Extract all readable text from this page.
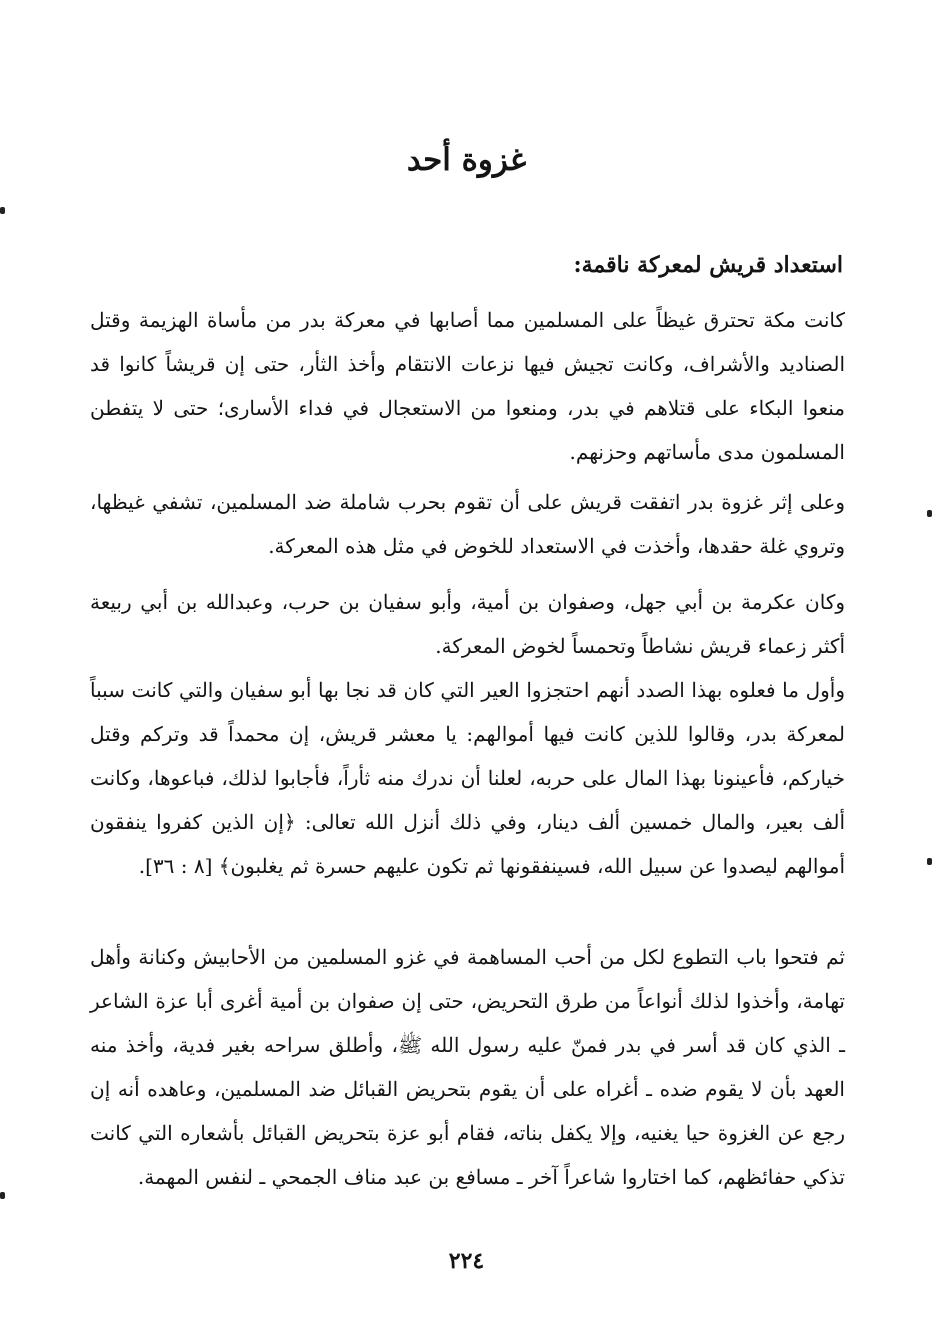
غزوة أحد
استعداد قريش لمعركة ناقمة:
كانت مكة تحترق غيظاً على المسلمين مما أصابها في معركة بدر من مأساة الهزيمة وقتل الصناديد والأشراف، وكانت تجيش فيها نزعات الانتقام وأخذ الثأر، حتى إن قريشاً كانوا قد منعوا البكاء على قتلاهم في بدر، ومنعوا من الاستعجال في فداء الأسارى؛ حتى لا يتفطن المسلمون مدى مأساتهم وحزنهم.
وعلى إثر غزوة بدر اتفقت قريش على أن تقوم بحرب شاملة ضد المسلمين، تشفي غيظها، وتروي غلة حقدها، وأخذت في الاستعداد للخوض في مثل هذه المعركة.
وكان عكرمة بن أبي جهل، وصفوان بن أمية، وأبو سفيان بن حرب، وعبدالله بن أبي ربيعة أكثر زعماء قريش نشاطاً وتحمساً لخوض المعركة.
وأول ما فعلوه بهذا الصدد أنهم احتجزوا العير التي كان قد نجا بها أبو سفيان والتي كانت سبباً لمعركة بدر، وقالوا للذين كانت فيها أموالهم: يا معشر قريش، إن محمداً قد وتركم وقتل خياركم، فأعينونا بهذا المال على حربه، لعلنا أن ندرك منه ثأراً، فأجابوا لذلك، فباعوها، وكانت ألف بعير، والمال خمسين ألف دينار، وفي ذلك أنزل الله تعالى: ﴿إن الذين كفروا ينفقون أموالهم ليصدوا عن سبيل الله، فسينفقونها ثم تكون عليهم حسرة ثم يغلبون﴾ [٨ : ٣٦].
ثم فتحوا باب التطوع لكل من أحب المساهمة في غزو المسلمين من الأحابيش وكنانة وأهل تهامة، وأخذوا لذلك أنواعاً من طرق التحريض، حتى إن صفوان بن أمية أغرى أبا عزة الشاعر ـ الذي كان قد أسر في بدر فمنّ عليه رسول الله ﷺ، وأطلق سراحه بغير فدية، وأخذ منه العهد بأن لا يقوم ضده ـ أغراه على أن يقوم بتحريض القبائل ضد المسلمين، وعاهده أنه إن رجع عن الغزوة حيا يغنيه، وإلا يكفل بناته، فقام أبو عزة بتحريض القبائل بأشعاره التي كانت تذكي حفائظهم، كما اختاروا شاعراً آخر ـ مسافع بن عبد مناف الجمحي ـ لنفس المهمة.
٢٢٤
